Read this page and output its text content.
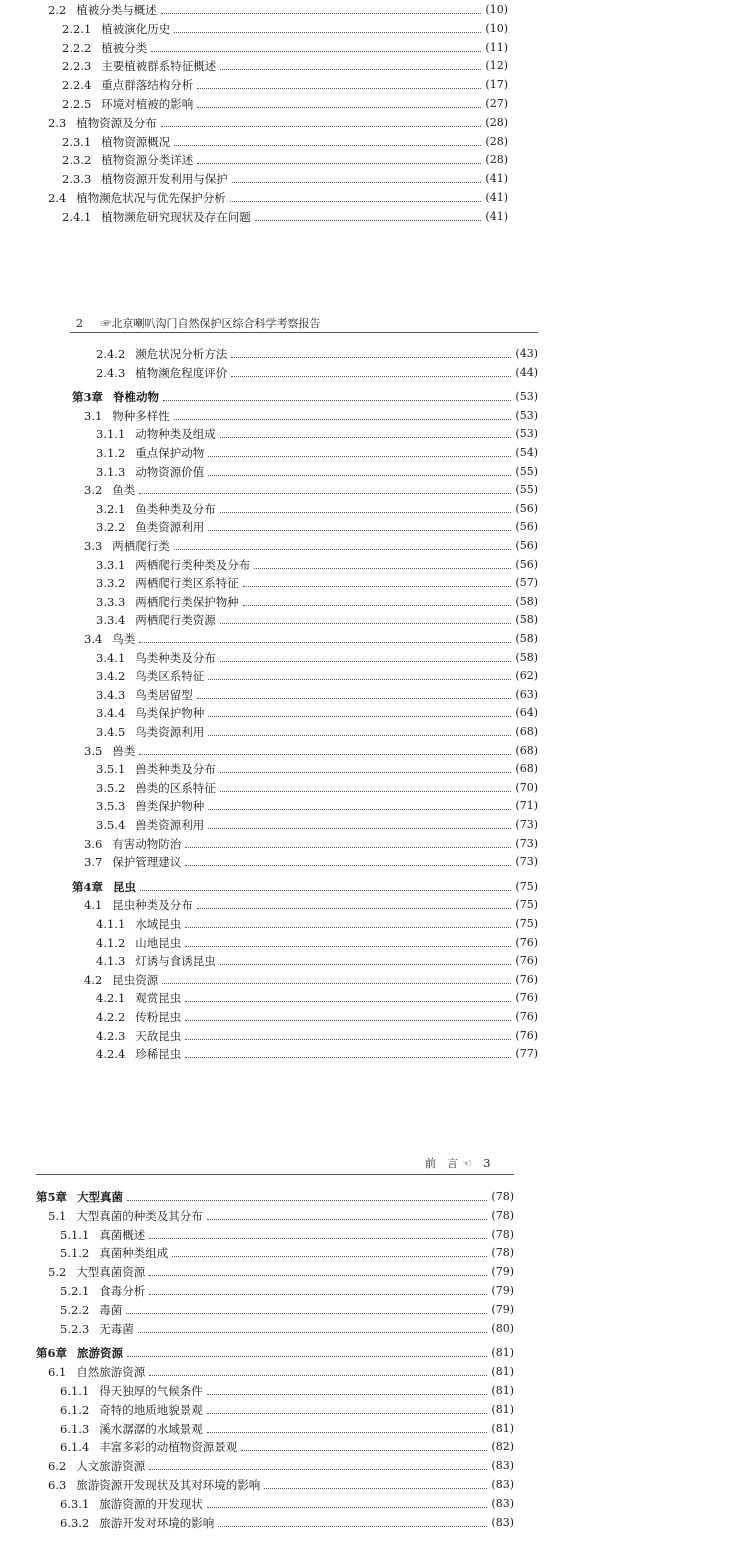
2.2 植被分类与概述	(10)
2.2.1 植被演化历史	(10)
2.2.2 植被分类	(11)
2.2.3 主要植被群系特征概述	(12)
2.2.4 重点群落结构分析	(17)
2.2.5 环境对植被的影响	(27)
2.3 植物资源及分布	(28)
2.3.1 植物资源概况	(28)
2.3.2 植物资源分类详述	(28)
2.3.3 植物资源开发利用与保护	(41)
2.4 植物濒危状况与优先保护分析	(41)
2.4.1 植物濒危研究现状及存在问题	(41)
2 ☞北京喇叭沟门自然保护区综合科学考察报告
2.4.2 濒危状况分析方法	(43)
2.4.3 植物濒危程度评价	(44)
第3章 脊椎动物	(53)
3.1 物种多样性	(53)
3.1.1 动物种类及组成	(53)
3.1.2 重点保护动物	(54)
3.1.3 动物资源价值	(55)
3.2 鱼类	(55)
3.2.1 鱼类种类及分布	(56)
3.2.2 鱼类资源利用	(56)
3.3 两栖爬行类	(56)
3.3.1 两栖爬行类种类及分布	(56)
3.3.2 两栖爬行类区系特征	(57)
3.3.3 两栖爬行类保护物种	(58)
3.3.4 两栖爬行类资源	(58)
3.4 鸟类	(58)
3.4.1 鸟类种类及分布	(58)
3.4.2 鸟类区系特征	(62)
3.4.3 鸟类居留型	(63)
3.4.4 鸟类保护物种	(64)
3.4.5 鸟类资源利用	(68)
3.5 兽类	(68)
3.5.1 兽类种类及分布	(68)
3.5.2 兽类的区系特征	(70)
3.5.3 兽类保护物种	(71)
3.5.4 兽类资源利用	(73)
3.6 有害动物防治	(73)
3.7 保护管理建议	(73)
第4章 昆虫	(75)
4.1 昆虫种类及分布	(75)
4.1.1 水域昆虫	(75)
4.1.2 山地昆虫	(76)
4.1.3 灯诱与食诱昆虫	(76)
4.2 昆虫资源	(76)
4.2.1 观赏昆虫	(76)
4.2.2 传粉昆虫	(76)
4.2.3 天敌昆虫	(76)
4.2.4 珍稀昆虫	(77)
前　言 ☜ 3
第5章 大型真菌	(78)
5.1 大型真菌的种类及其分布	(78)
5.1.1 真菌概述	(78)
5.1.2 真菌种类组成	(78)
5.2 大型真菌资源	(79)
5.2.1 食毒分析	(79)
5.2.2 毒菌	(79)
5.2.3 无毒菌	(80)
第6章 旅游资源	(81)
6.1 自然旅游资源	(81)
6.1.1 得天独厚的气候条件	(81)
6.1.2 奇特的地质地貌景观	(81)
6.1.3 溪水潺潺的水域景观	(81)
6.1.4 丰富多彩的动植物资源景观	(82)
6.2 人文旅游资源	(83)
6.3 旅游资源开发现状及其对环境的影响	(83)
6.3.1 旅游资源的开发现状	(83)
6.3.2 旅游开发对环境的影响	(83)
